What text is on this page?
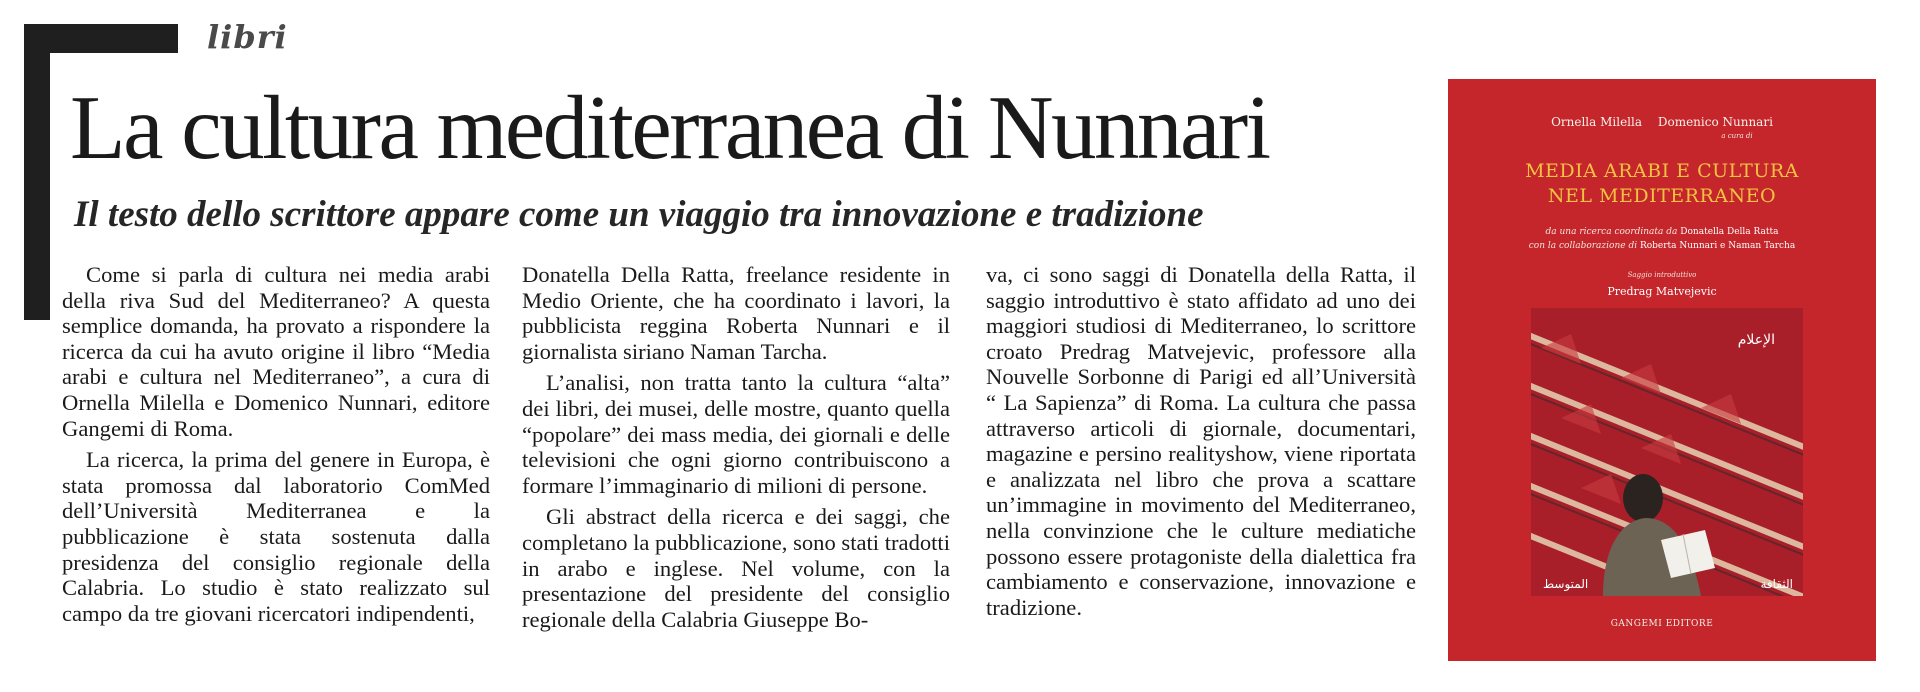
libri
La cultura mediterranea di Nunnari
Il testo dello scrittore appare come un viaggio tra innovazione e tradizione

Come si parla di cultura nei media arabi della riva Sud del Mediterraneo? A questa semplice domanda, ha provato a rispondere la ricerca da cui ha avuto origine il libro “Media arabi e cultura nel Mediterraneo”, a cura di Ornella Milella e Domenico Nunnari, editore Gangemi di Roma.

La ricerca, la prima del genere in Europa, è stata promossa dal laboratorio ComMed dell’Università Mediterranea e la pubblicazione è stata sostenuta dalla presidenza del consiglio regionale della Calabria. Lo studio è stato realizzato sul campo da tre giovani ricercatori indipendenti,

Donatella Della Ratta, freelance residente in Medio Oriente, che ha coordinato i lavori, la pubblicista reggina Roberta Nunnari e il giornalista siriano Naman Tarcha.

L’analisi, non tratta tanto la cultura “alta” dei libri, dei musei, delle mostre, quanto quella “popolare” dei mass media, dei giornali e delle televisioni che ogni giorno contribuiscono a formare l’immaginario di milioni di persone.

Gli abstract della ricerca e dei saggi, che completano la pubblicazione, sono stati tradotti in arabo e inglese. Nel volume, con la presentazione del presidente del consiglio regionale della Calabria Giuseppe Bo-

va, ci sono saggi di Donatella della Ratta, il saggio introduttivo è stato affidato ad uno dei maggiori studiosi di Mediterraneo, lo scrittore croato Predrag Matvejevic, professore alla Nouvelle Sorbonne di Parigi ed all’Università “ La Sapienza” di Roma. La cultura che passa attraverso articoli di giornale, documentari, magazine e persino realityshow, viene riportata e analizzata nel libro che prova a scattare un’immagine in movimento del Mediterraneo, nella convinzione che le culture mediatiche possono essere protagoniste della dialettica fra cambiamento e conservazione, innovazione e tradizione.

Ornella Milella Domenico Nunnari
a cura di
MEDIA ARABI E CULTURA
NEL MEDITERRANEO
da una ricerca coordinata da Donatella Della Ratta
con la collaborazione di Roberta Nunnari e Naman Tarcha
Saggio introduttivo
Predrag Matvejevic
الإعلام
المتوسط	الثقافة
GANGEMI EDITORE
